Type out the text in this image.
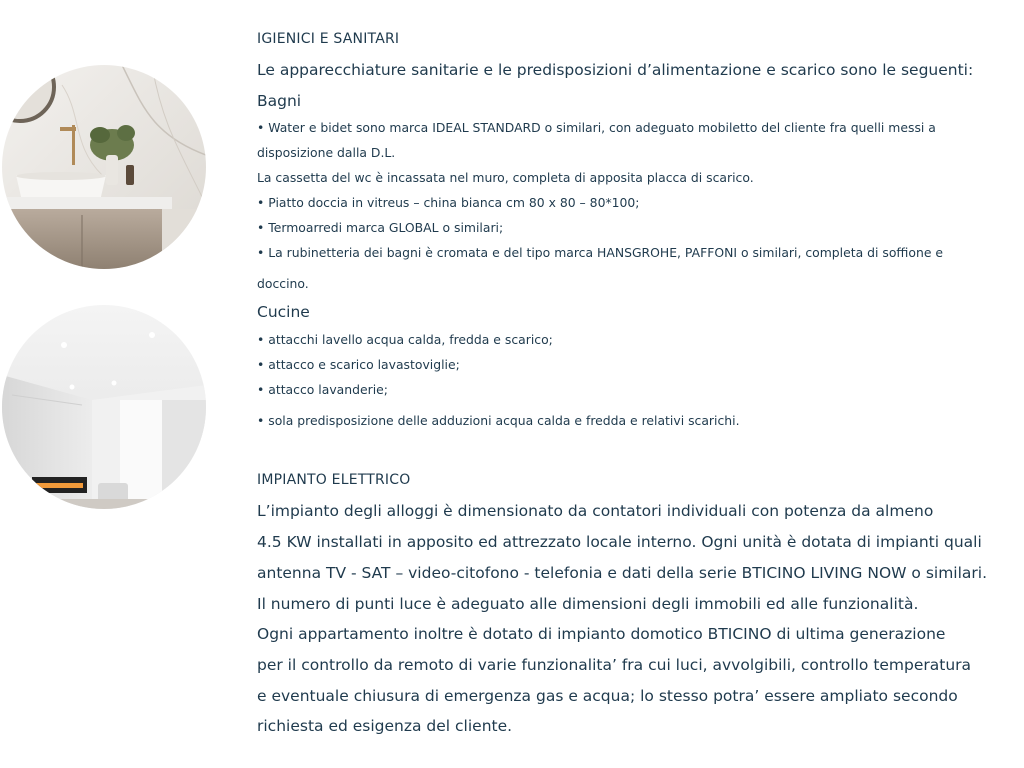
IGIENICI E SANITARI
Le apparecchiature sanitarie e le predisposizioni d’alimentazione e scarico sono le seguenti:
Bagni
• Water e bidet sono marca IDEAL STANDARD o similari, con adeguato mobiletto del cliente fra quelli messi a
disposizione dalla D.L.
La cassetta del wc è incassata nel muro, completa di apposita placca di scarico.
• Piatto doccia in vitreus – china bianca cm 80 x 80 – 80*100;
• Termoarredi marca GLOBAL o similari;
• La rubinetteria dei bagni è cromata e del tipo marca HANSGROHE, PAFFONI o similari, completa di soffione e
doccino.
Cucine
• attacchi lavello acqua calda, fredda e scarico;
• attacco e scarico lavastoviglie;
• attacco lavanderie;
• sola predisposizione delle adduzioni acqua calda e fredda e relativi scarichi.
IMPIANTO ELETTRICO
L’impianto degli alloggi è dimensionato da contatori individuali con potenza da almeno
4.5 KW installati in apposito ed attrezzato locale interno. Ogni unità è dotata di impianti quali
antenna TV - SAT – video-citofono - telefonia e dati della serie BTICINO LIVING NOW o similari.
Il numero di punti luce è adeguato alle dimensioni degli immobili ed alle funzionalità.
Ogni appartamento inoltre è dotato di impianto domotico BTICINO di ultima generazione
per il controllo da remoto di varie funzionalita’ fra cui luci, avvolgibili, controllo temperatura
e eventuale chiusura di emergenza gas e acqua; lo stesso potra’ essere ampliato secondo
richiesta ed esigenza del cliente.
